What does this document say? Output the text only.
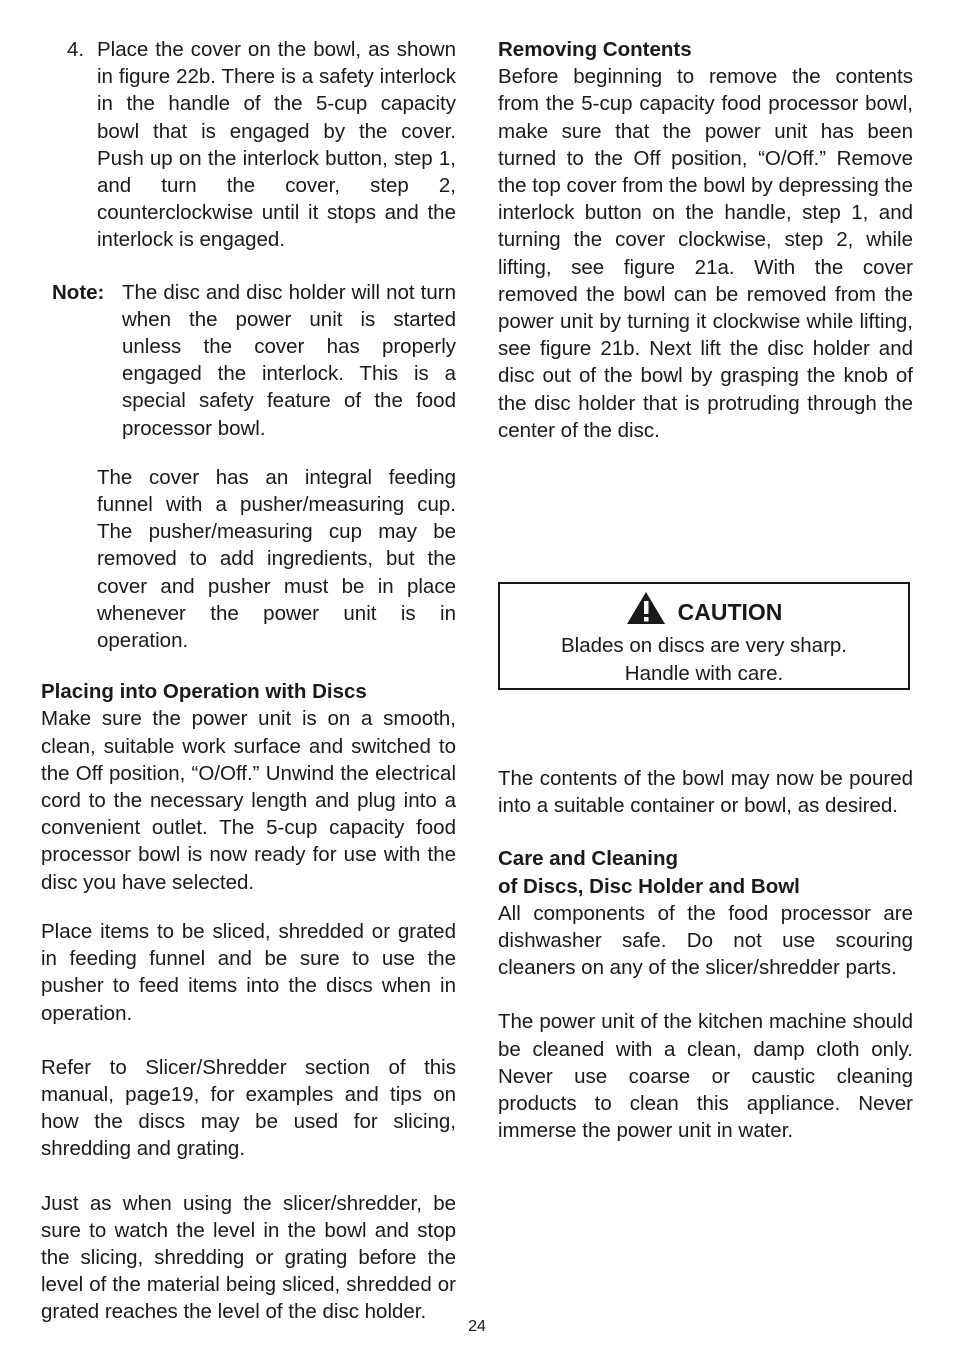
4. Place the cover on the bowl, as shown in figure 22b. There is a safety interlock in the handle of the 5-cup capacity bowl that is engaged by the cover. Push up on the interlock button, step 1, and turn the cover, step 2, counterclockwise until it stops and the interlock is engaged.

Note: The disc and disc holder will not turn when the power unit is started unless the cover has properly engaged the interlock. This is a special safety feature of the food processor bowl.

The cover has an integral feeding funnel with a pusher/measuring cup. The pusher/measuring cup may be removed to add ingredients, but the cover and pusher must be in place whenever the power unit is in operation.

Placing into Operation with Discs

Make sure the power unit is on a smooth, clean, suitable work surface and switched to the Off position, “O/Off.” Unwind the electrical cord to the necessary length and plug into a convenient outlet. The 5-cup capacity food processor bowl is now ready for use with the disc you have selected.

Place items to be sliced, shredded or grated in feeding funnel and be sure to use the pusher to feed items into the discs when in operation.

Refer to Slicer/Shredder section of this manual, page19, for examples and tips on how the discs may be used for slicing, shredding and grating.

Just as when using the slicer/shredder, be sure to watch the level in the bowl and stop the slicing, shredding or grating before the level of the material being sliced, shredded or grated reaches the level of the disc holder.

Removing Contents

Before beginning to remove the contents from the 5-cup capacity food processor bowl, make sure that the power unit has been turned to the Off position, “O/Off.” Remove the top cover from the bowl by depressing the interlock button on the handle, step 1, and turning the cover clockwise, step 2, while lifting, see figure 21a. With the cover removed the bowl can be removed from the power unit by turning it clockwise while lifting, see figure 21b. Next lift the disc holder and disc out of the bowl by grasping the knob of the disc holder that is protruding through the center of the disc.

CAUTION
Blades on discs are very sharp.
Handle with care.

The contents of the bowl may now be poured into a suitable container or bowl, as desired.

Care and Cleaning

of Discs, Disc Holder and Bowl

All components of the food processor are dishwasher safe. Do not use scouring cleaners on any of the slicer/shredder parts.

The power unit of the kitchen machine should be cleaned with a clean, damp cloth only. Never use coarse or caustic cleaning products to clean this appliance. Never immerse the power unit in water.

24
